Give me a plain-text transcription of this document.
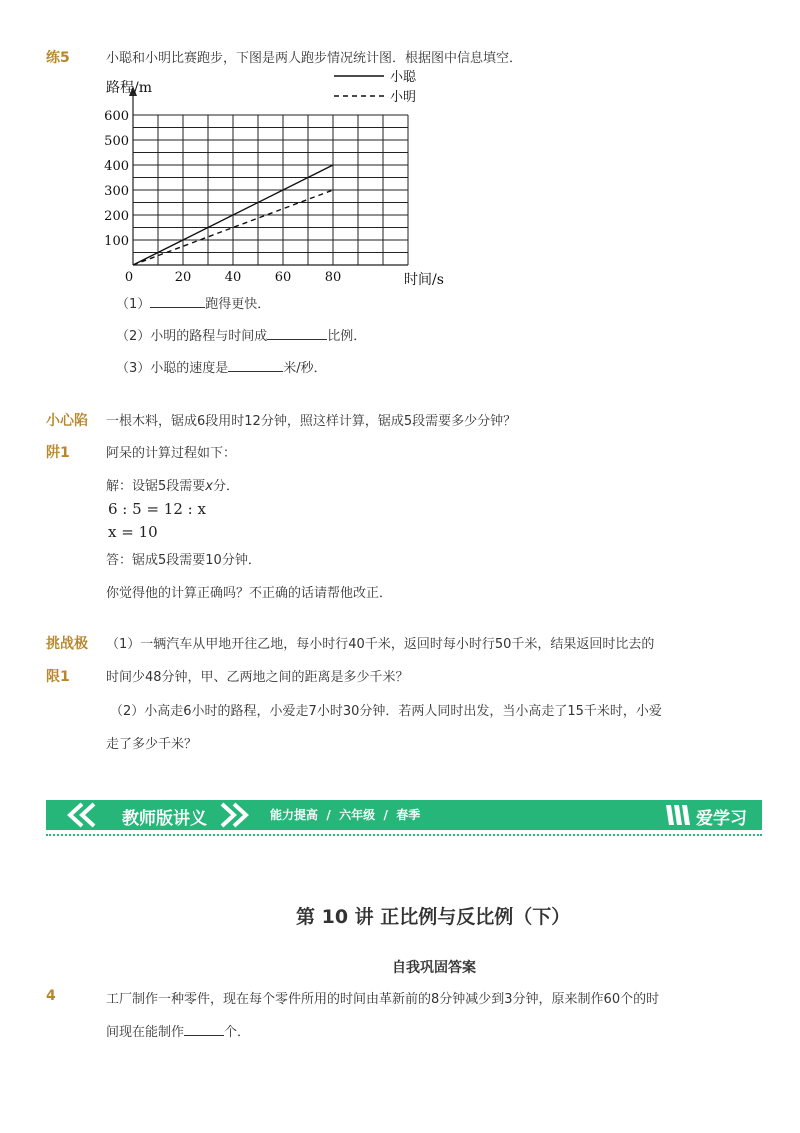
练5	小聪和小明比赛跑步，下图是两人跑步情况统计图．根据图中信息填空．
100
200
300
400
500
600
20	40	60	80
0
路程/m
时间/s
小聪
小明
（1）	跑得更快．
（2）小明的路程与时间成	比例．
（3）小聪的速度是	米/秒．
小心陷
阱1
一根木料，锯成6段用时12分钟，照这样计算，锯成5段需要多少分钟？
阿呆的计算过程如下：
解：设锯5段需要x分．
6 : 5 = 12 : x
x = 10
答：锯成5段需要10分钟．
你觉得他的计算正确吗？不正确的话请帮他改正．
挑战极
限1
（1）一辆汽车从甲地开往乙地，每小时行40千米，返回时每小时行50千米，结果返回时比去的
时间少48分钟，甲、乙两地之间的距离是多少千米？
（2）小高走6小时的路程，小爱走7小时30分钟．若两人同时出发，当小高走了15千米时，小爱
走了多少千米？
教师版讲义	能力提高 / 六年级 / 春季	爱学习
第 10 讲 正比例与反比例（下）
自我巩固答案
4	工厂制作一种零件，现在每个零件所用的时间由革新前的8分钟减少到3分钟，原来制作60个的时
间现在能制作	个．
